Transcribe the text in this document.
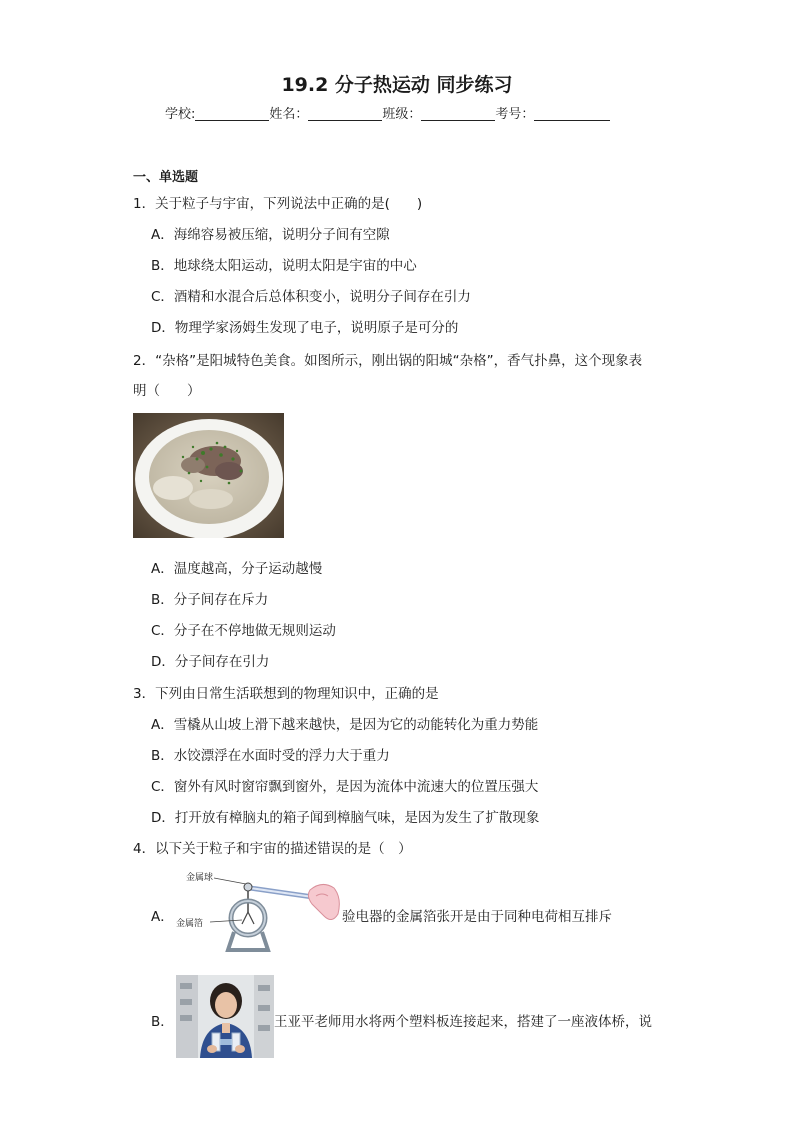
19.2 分子热运动 同步练习
学校:	姓名：	班级：	考号：
一、单选题
1．关于粒子与宇宙，下列说法中正确的是(　　)
A．海绵容易被压缩，说明分子间有空隙
B．地球绕太阳运动，说明太阳是宇宙的中心
C．酒精和水混合后总体积变小，说明分子间存在引力
D．物理学家汤姆生发现了电子，说明原子是可分的
2．“杂格”是阳城特色美食。如图所示，刚出锅的阳城“杂格”，香气扑鼻，这个现象表
明（　　）
A．温度越高，分子运动越慢
B．分子间存在斥力
C．分子在不停地做无规则运动
D．分子间存在引力
3．下列由日常生活联想到的物理知识中，正确的是
A．雪橇从山坡上滑下越来越快，是因为它的动能转化为重力势能
B．水饺漂浮在水面时受的浮力大于重力
C．窗外有风时窗帘飘到窗外，是因为流体中流速大的位置压强大
D．打开放有樟脑丸的箱子闻到樟脑气味，是因为发生了扩散现象
4．以下关于粒子和宇宙的描述错误的是（　）
A．
金属球
金属箔	验电器的金属箔张开是由于同种电荷相互排斥
B．	王亚平老师用水将两个塑料板连接起来，搭建了一座液体桥，说
